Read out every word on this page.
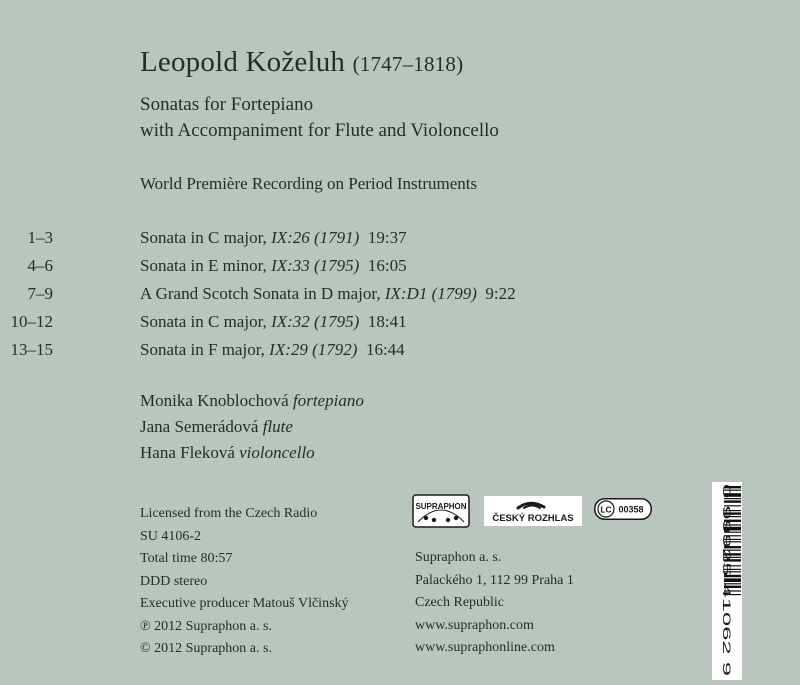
Leopold Koželuh (1747–1818)
Sonatas for Fortepiano
with Accompaniment for Flute and Violoncello
World Première Recording on Period Instruments
1–3	Sonata in C major, IX:26 (1791) 19:37
4–6	Sonata in E minor, IX:33 (1795) 16:05
7–9	A Grand Scotch Sonata in D major, IX:D1 (1799) 9:22
10–12	Sonata in C major, IX:32 (1795) 18:41
13–15	Sonata in F major, IX:29 (1792) 16:44
Monika Knoblochová fortepiano
Jana Semerádová flute
Hana Fleková violoncello
Licensed from the Czech Radio
SU 4106-2
Total time 80:57
DDD stereo
Executive producer Matouš Vlčinský
℗ 2012 Supraphon a. s.
© 2012 Supraphon a. s.
SUPRAPHON
ČESKÝ ROZHLAS
LC 00358
Supraphon a. s.
Palackého 1, 112 99 Praha 1
Czech Republic
www.supraphon.com
www.supraphonline.com
0 99925 41062 9
